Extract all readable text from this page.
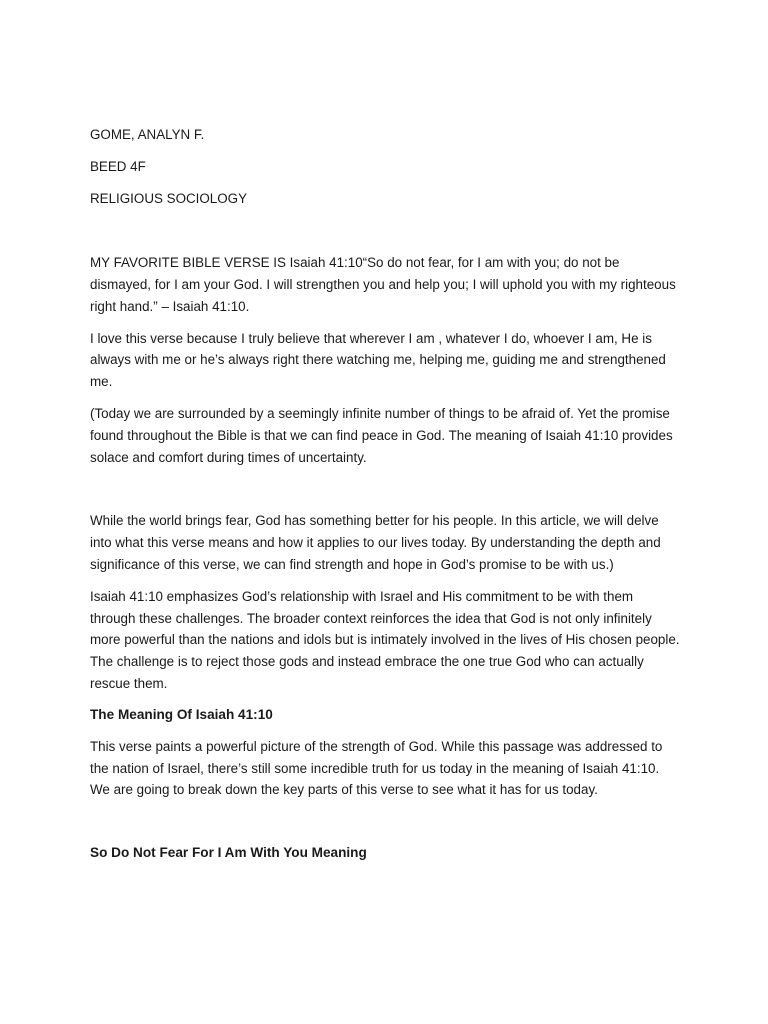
GOME, ANALYN F.

BEED 4F

RELIGIOUS SOCIOLOGY

MY FAVORITE BIBLE VERSE IS Isaiah 41:10“So do not fear, for I am with you; do not be dismayed, for I am your God. I will strengthen you and help you; I will uphold you with my righteous right hand.” – Isaiah 41:10.

I love this verse because I truly believe that wherever I am , whatever I do, whoever I am, He is always with me or he’s always right there watching me, helping me, guiding me and strengthened me.

(Today we are surrounded by a seemingly infinite number of things to be afraid of. Yet the promise found throughout the Bible is that we can find peace in God. The meaning of Isaiah 41:10 provides solace and comfort during times of uncertainty.

While the world brings fear, God has something better for his people. In this article, we will delve into what this verse means and how it applies to our lives today. By understanding the depth and significance of this verse, we can find strength and hope in God’s promise to be with us.)

Isaiah 41:10 emphasizes God’s relationship with Israel and His commitment to be with them through these challenges. The broader context reinforces the idea that God is not only infinitely more powerful than the nations and idols but is intimately involved in the lives of His chosen people. The challenge is to reject those gods and instead embrace the one true God who can actually rescue them.

The Meaning Of Isaiah 41:10

This verse paints a powerful picture of the strength of God. While this passage was addressed to the nation of Israel, there’s still some incredible truth for us today in the meaning of Isaiah 41:10. We are going to break down the key parts of this verse to see what it has for us today.

So Do Not Fear For I Am With You Meaning
